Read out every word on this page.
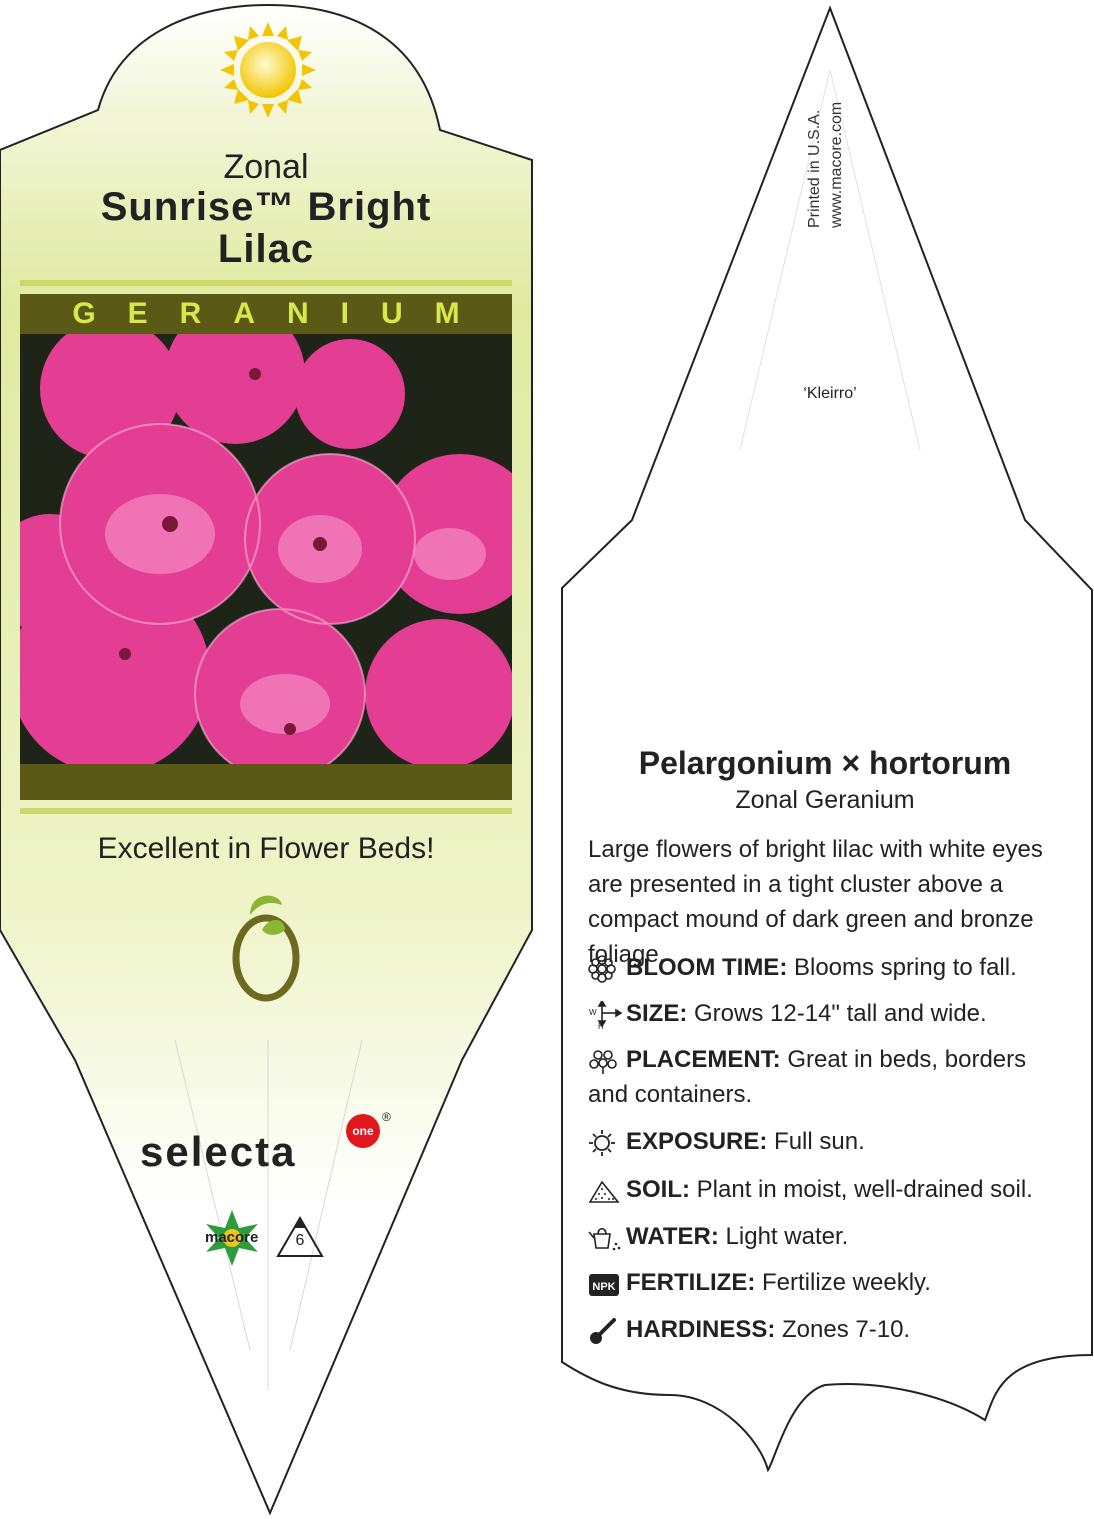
Zonal
Sunrise™ Bright
Lilac
GERANIUM
Excellent in Flower Beds!
selecta	one
®
macore	6
Printed in U.S.A. www.macore.com
‘Kleirro’
Pelargonium × hortorum
Zonal Geranium
Large flowers of bright lilac with white eyes are presented in a tight cluster above a compact mound of dark green and bronze foliage.
BLOOM TIME: Blooms spring to fall.
W
H SIZE: Grows 12-14" tall and wide.
PLACEMENT: Great in beds, borders and containers.
EXPOSURE: Full sun.
SOIL: Plant in moist, well-drained soil.
WATER: Light water.
NPK FERTILIZE: Fertilize weekly.
HARDINESS: Zones 7-10.
